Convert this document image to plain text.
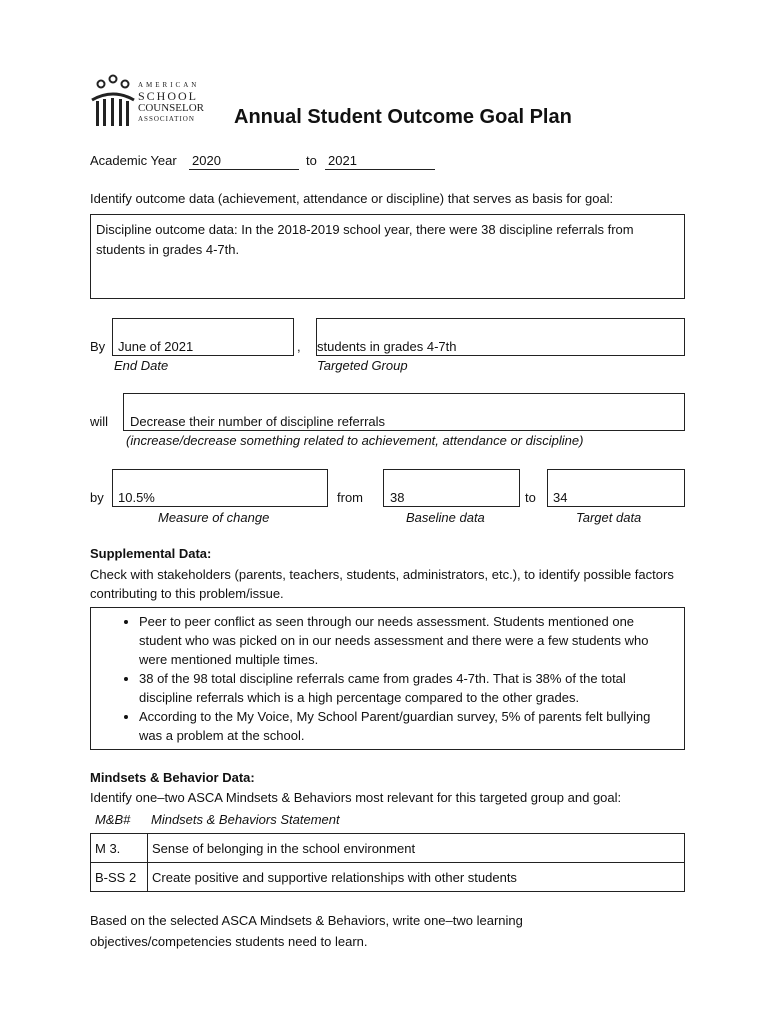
AMERICAN
SCHOOL
COUNSELOR
ASSOCIATION	Annual Student Outcome Goal Plan
Academic Year 2020	to 2021
Identify outcome data (achievement, attendance or discipline) that serves as basis for goal:
Discipline outcome data: In the 2018-2019 school year, there were 38 discipline referrals from students in grades 4-7th.
By June of 2021
End Date
, students in grades 4-7th
Targeted Group
will Decrease their number of discipline referrals
(increase/decrease something related to achievement, attendance or discipline)
by 10.5%
Measure of change
from 38
Baseline data
to 34
Target data
Supplemental Data:
Check with stakeholders (parents, teachers, students, administrators, etc.), to identify possible factors contributing to this problem/issue.
• Peer to peer conflict as seen through our needs assessment. Students mentioned one student who was picked on in our needs assessment and there were a few students who were mentioned multiple times.
• 38 of the 98 total discipline referrals came from grades 4-7th. That is 38% of the total discipline referrals which is a high percentage compared to the other grades.
• According to the My Voice, My School Parent/guardian survey, 5% of parents felt bullying was a problem at the school.
Mindsets & Behavior Data:
Identify one–two ASCA Mindsets & Behaviors most relevant for this targeted group and goal:
M&B# Mindsets & Behaviors Statement
M 3.	Sense of belonging in the school environment
B-SS 2	Create positive and supportive relationships with other students
Based on the selected ASCA Mindsets & Behaviors, write one–two learning objectives/competencies students need to learn.
